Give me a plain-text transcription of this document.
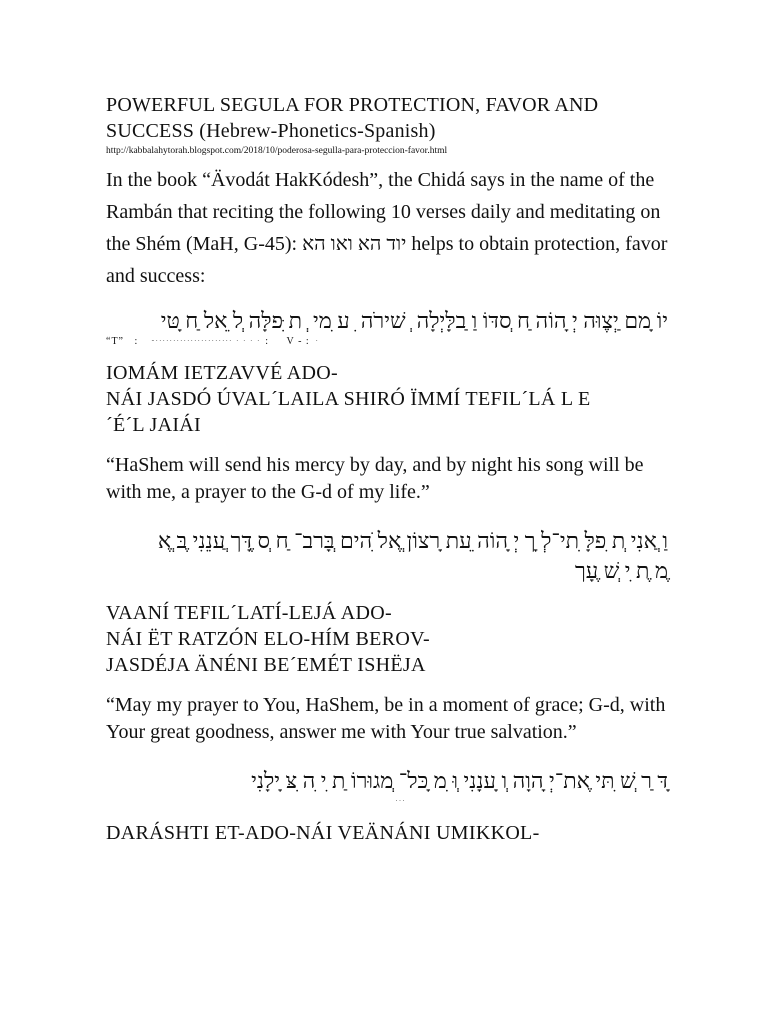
POWERFUL SEGULA FOR PROTECTION, FAVOR AND
SUCCESS (Hebrew-Phonetics-Spanish)

http://kabbalahytorah.blogspot.com/2018/10/poderosa-segulla-para-proteccion-favor.html

In the book “Ävodát HakKódesh”, the Chidá says in the name of the Rambán that reciting the following 10 verses daily and meditating on the Shém (MaH, G-45): יוד הא ואו הא helps to obtain protection, favor and success:

יוֹ ָמם ַיְצֶוּה יְ ָהוֹה ַח ְסדּוֹ וַ ַבלָּיְלָה ְ שׁירֹה ִ ע ִמי ְ ת ִּפלָּה ְל ֵאל ַח ָטּי

“T”   :    ּ ּ ּ ּ ּ ּ ּ ּ ּ ּ ּ ּ ּ ּ ּ ּ ּ ּ ּ ּ ּ ּ ּ ּ  ּ  ּ  ּ  ּ :     V - :  ּ

IOMÁM IETZAVVÉ ADO-
NÁI JASDÓ ÚVAL´LAILA SHIRÓ ÏMMÍ TEFIL´LÁ L E
´É´L JAIÁI

“HaShem will send his mercy by day, and by night his song will be with me, a prayer to the G-d of my life.”

וַ ֲאנִי ְת ִפלָּ ִתי־לְ ָך יְ ָהוֹה ֵעת ָרצוֹן ֱאל ִֹהים ְבָּרב־ ַח ְס ֶדָּך ֲענֵנִי ֶבּ ֱא
ֶמ ֶת ִי ְשׁ ֶעָך

VAANÍ TEFIL´LATÍ-LEJÁ ADO-
NÁI ËT RATZÓN ELO-HÍM BEROV-
JASDÉJA ÄNÉNI BE´EMÉT ISHËJA

“May my prayer to You, HaShem, be in a moment of grace; G-d, with Your great goodness, answer me with Your true salvation.”

ָדּ ַר ְשׁ ִתּי ֶאת־יְ ָהוָה ְו ָענָנִי ְוּ ִמ ָכּל־ ְמגוּרוֹ ַת ִי ִה ִצּ ָילָנִי

ּ ּ ּ

DARÁSHTI ET-ADO-NÁI VEÄNÁNI UMIKKOL-
